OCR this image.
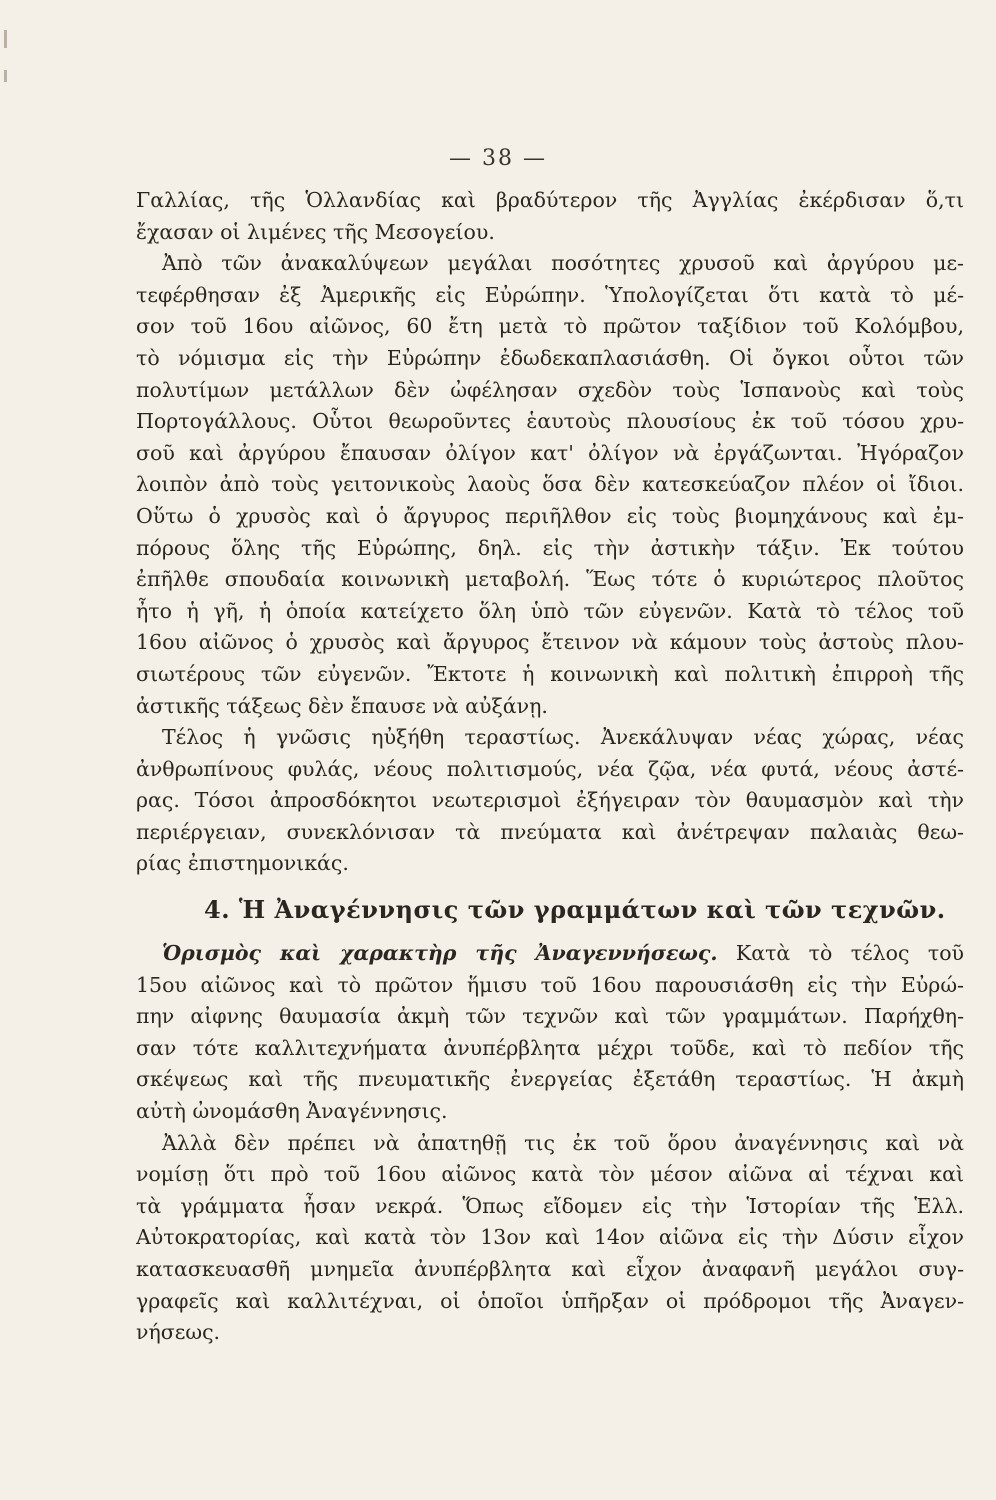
— 38 —
Γαλλίας, τῆς Ὁλλανδίας καὶ βραδύτερον τῆς Ἀγγλίας ἐκέρδισαν ὅ,τι
ἔχασαν οἱ λιμένες τῆς Μεσογείου.
Ἀπὸ τῶν ἀνακαλύψεων μεγάλαι ποσότητες χρυσοῦ καὶ ἀργύρου με-
τεφέρθησαν ἐξ Ἀμερικῆς εἰς Εὐρώπην. Ὑπολογίζεται ὅτι κατὰ τὸ μέ-
σον τοῦ 16ου αἰῶνος, 60 ἔτη μετὰ τὸ πρῶτον ταξίδιον τοῦ Κολόμβου,
τὸ νόμισμα εἰς τὴν Εὐρώπην ἐδωδεκαπλασιάσθη. Οἱ ὄγκοι οὗτοι τῶν
πολυτίμων μετάλλων δὲν ὠφέλησαν σχεδὸν τοὺς Ἱσπανοὺς καὶ τοὺς
Πορτογάλλους. Οὗτοι θεωροῦντες ἑαυτοὺς πλουσίους ἐκ τοῦ τόσου χρυ-
σοῦ καὶ ἀργύρου ἔπαυσαν ὀλίγον κατ' ὀλίγον νὰ ἐργάζωνται. Ἠγόραζον
λοιπὸν ἀπὸ τοὺς γειτονικοὺς λαοὺς ὅσα δὲν κατεσκεύαζον πλέον οἱ ἴδιοι.
Οὕτω ὁ χρυσὸς καὶ ὁ ἄργυρος περιῆλθον εἰς τοὺς βιομηχάνους καὶ ἐμ-
πόρους ὅλης τῆς Εὐρώπης, δηλ. εἰς τὴν ἀστικὴν τάξιν. Ἐκ τούτου
ἐπῆλθε σπουδαία κοινωνικὴ μεταβολή. Ἕως τότε ὁ κυριώτερος πλοῦτος
ἦτο ἡ γῆ, ἡ ὁποία κατείχετο ὅλη ὑπὸ τῶν εὐγενῶν. Κατὰ τὸ τέλος τοῦ
16ου αἰῶνος ὁ χρυσὸς καὶ ἄργυρος ἔτεινον νὰ κάμουν τοὺς ἀστοὺς πλου-
σιωτέρους τῶν εὐγενῶν. Ἔκτοτε ἡ κοινωνικὴ καὶ πολιτικὴ ἐπιρροὴ τῆς
ἀστικῆς τάξεως δὲν ἔπαυσε νὰ αὐξάνῃ.
Τέλος ἡ γνῶσις ηὐξήθη τεραστίως. Ἀνεκάλυψαν νέας χώρας, νέας
ἀνθρωπίνους φυλάς, νέους πολιτισμούς, νέα ζῷα, νέα φυτά, νέους ἀστέ-
ρας. Τόσοι ἀπροσδόκητοι νεωτερισμοὶ ἐξήγειραν τὸν θαυμασμὸν καὶ τὴν
περιέργειαν, συνεκλόνισαν τὰ πνεύματα καὶ ἀνέτρεψαν παλαιὰς θεω-
ρίας ἐπιστημονικάς.
4. Ἡ Ἀναγέννησις τῶν γραμμάτων καὶ τῶν τεχνῶν.
Ὁρισμὸς καὶ χαρακτὴρ τῆς Ἀναγεννήσεως. Κατὰ τὸ τέλος τοῦ
15ου αἰῶνος καὶ τὸ πρῶτον ἥμισυ τοῦ 16ου παρουσιάσθη εἰς τὴν Εὐρώ-
πην αἰφνης θαυμασία ἀκμὴ τῶν τεχνῶν καὶ τῶν γραμμάτων. Παρήχθη-
σαν τότε καλλιτεχνήματα ἀνυπέρβλητα μέχρι τοῦδε, καὶ τὸ πεδίον τῆς
σκέψεως καὶ τῆς πνευματικῆς ἐνεργείας ἐξετάθη τεραστίως. Ἡ ἀκμὴ
αὐτὴ ὠνομάσθη Ἀναγέννησις.
Ἀλλὰ δὲν πρέπει νὰ ἀπατηθῇ τις ἐκ τοῦ ὅρου ἀναγέννησις καὶ νὰ
νομίσῃ ὅτι πρὸ τοῦ 16ου αἰῶνος κατὰ τὸν μέσον αἰῶνα αἱ τέχναι καὶ
τὰ γράμματα ἦσαν νεκρά. Ὅπως εἴδομεν εἰς τὴν Ἱστορίαν τῆς Ἑλλ.
Αὐτοκρατορίας, καὶ κατὰ τὸν 13ον καὶ 14ον αἰῶνα εἰς τὴν Δύσιν εἶχον
κατασκευασθῆ μνημεῖα ἀνυπέρβλητα καὶ εἶχον ἀναφανῆ μεγάλοι συγ-
γραφεῖς καὶ καλλιτέχναι, οἱ ὁποῖοι ὑπῆρξαν οἱ πρόδρομοι τῆς Ἀναγεν-
νήσεως.
